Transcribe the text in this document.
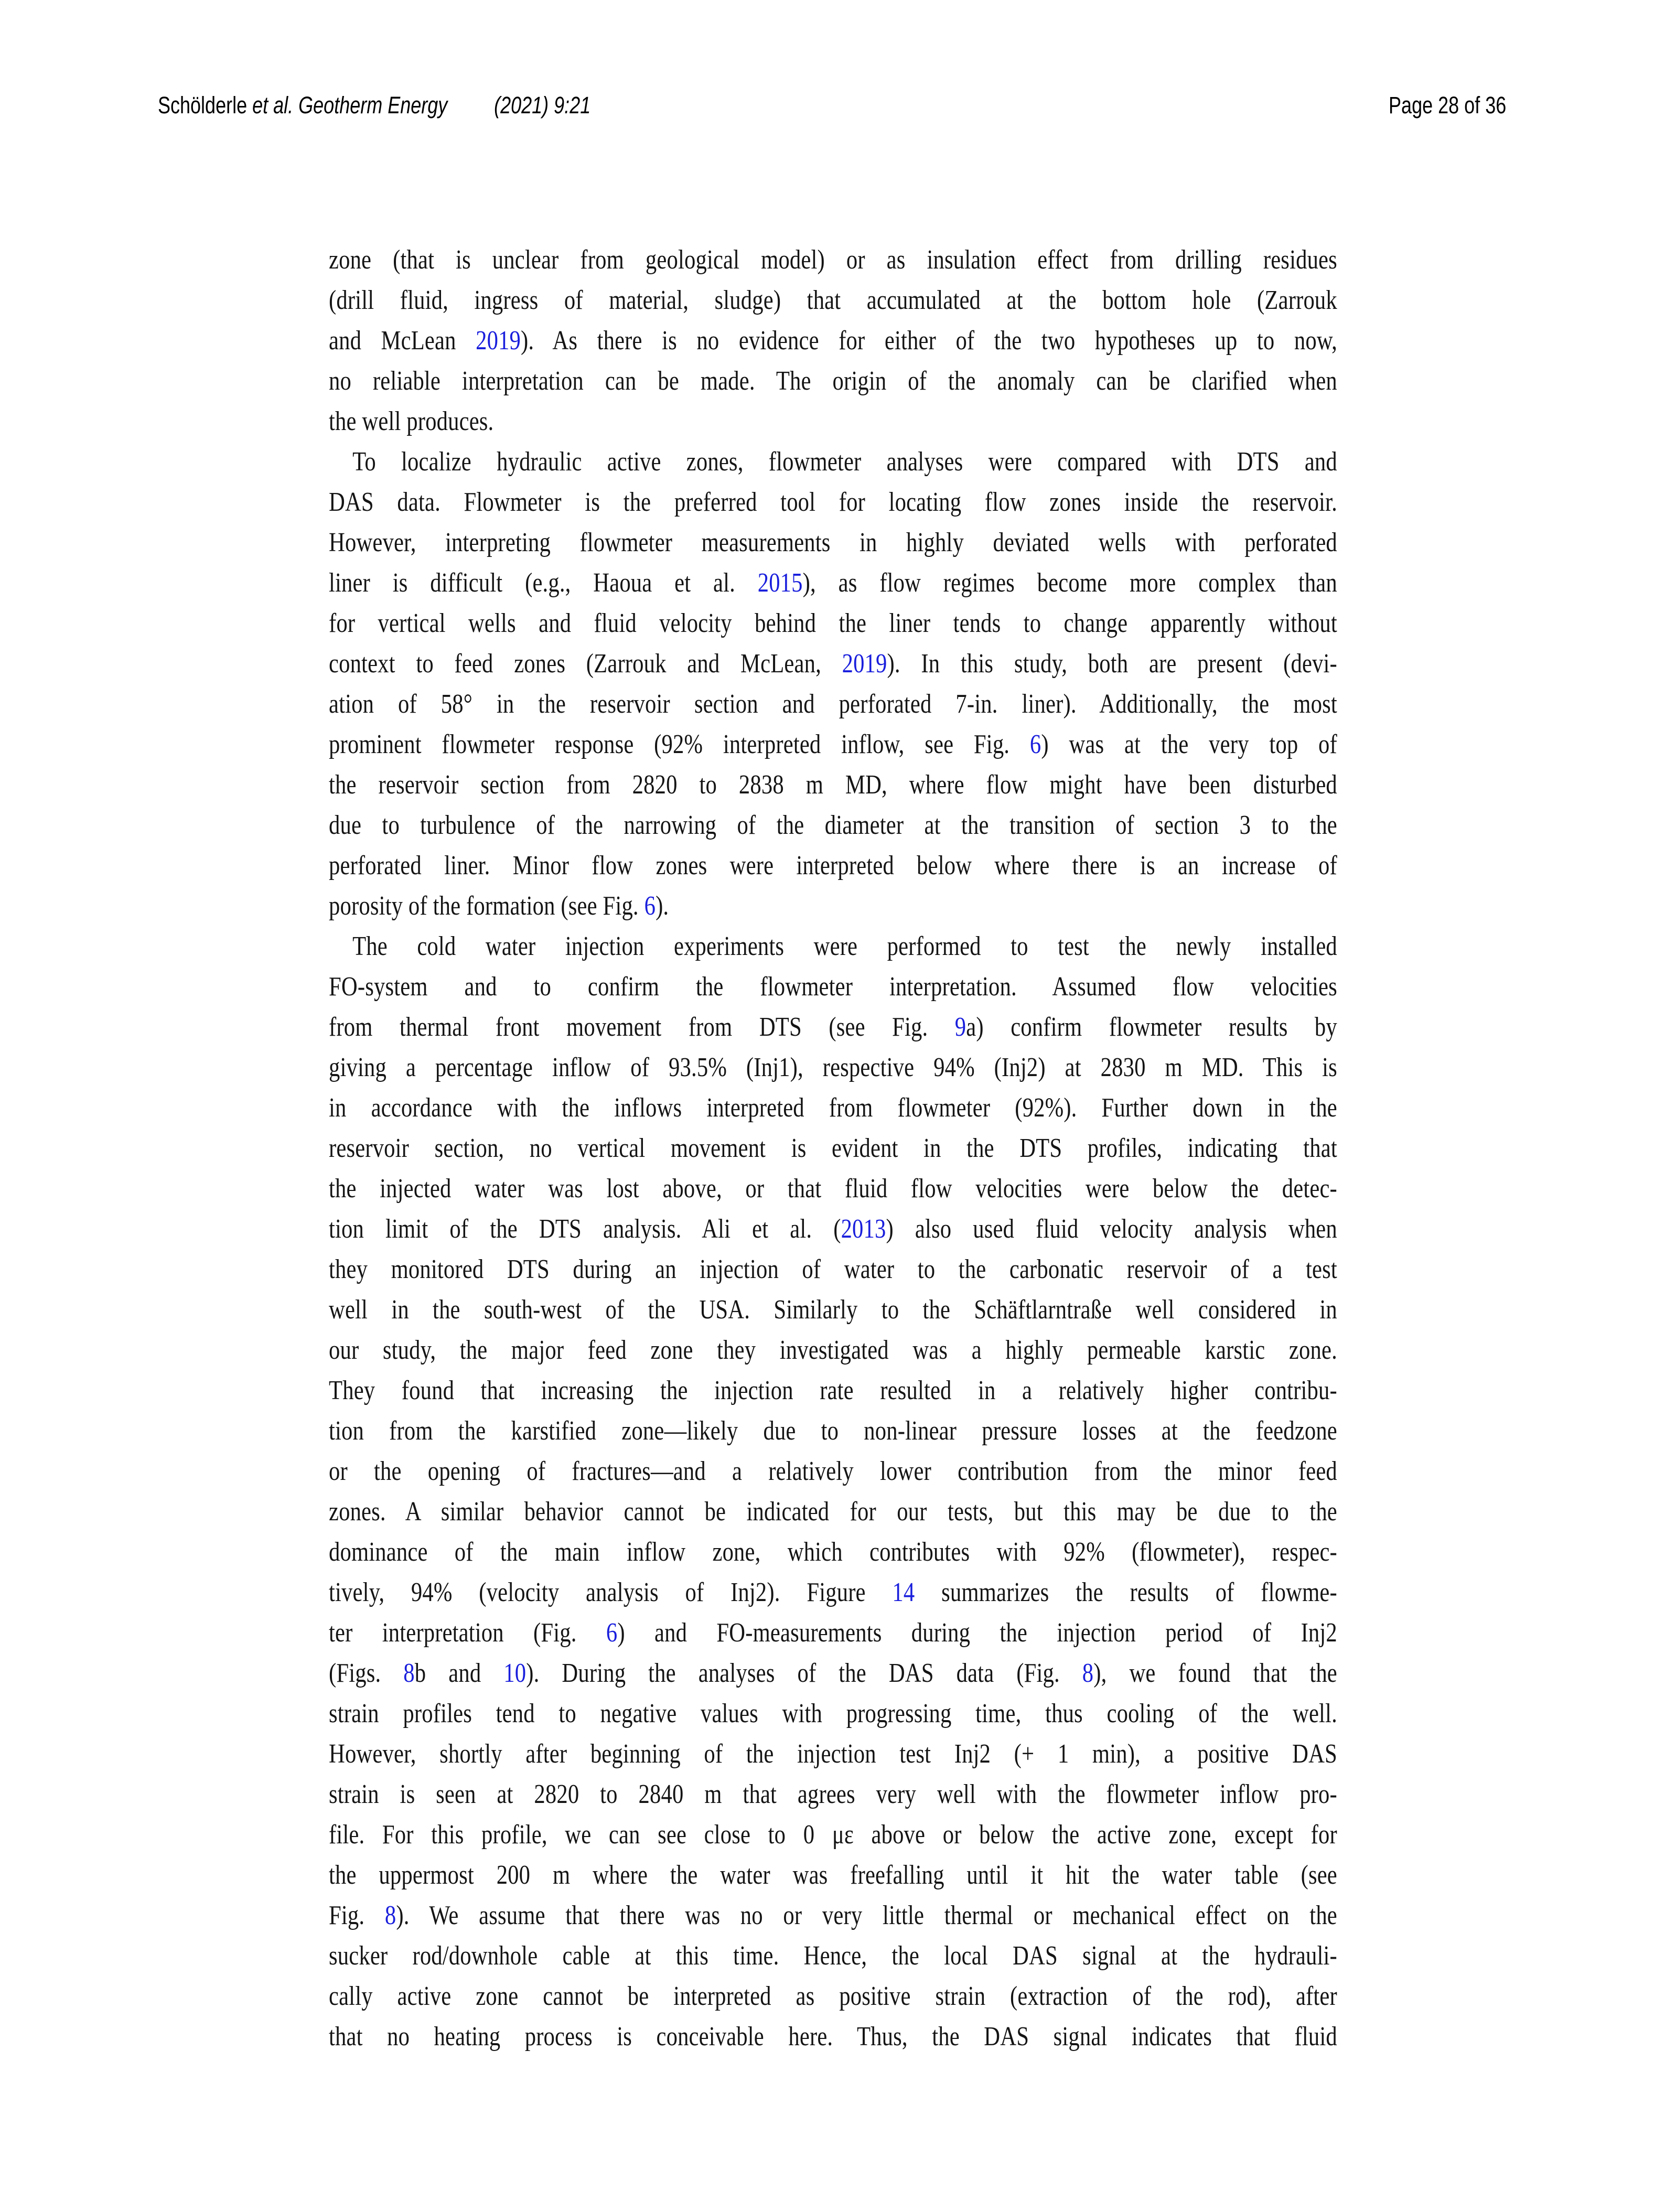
Schölderle et al. Geotherm Energy (2021) 9:21	Page 28 of 36
zone (that is unclear from geological model) or as insulation effect from drilling residues
(drill fluid, ingress of material, sludge) that accumulated at the bottom hole (Zarrouk
and McLean 2019). As there is no evidence for either of the two hypotheses up to now,
no reliable interpretation can be made. The origin of the anomaly can be clarified when
the well produces.
To localize hydraulic active zones, flowmeter analyses were compared with DTS and
DAS data. Flowmeter is the preferred tool for locating flow zones inside the reservoir.
However, interpreting flowmeter measurements in highly deviated wells with perforated
liner is difficult (e.g., Haoua et al. 2015), as flow regimes become more complex than
for vertical wells and fluid velocity behind the liner tends to change apparently without
context to feed zones (Zarrouk and McLean, 2019). In this study, both are present (devi-
ation of 58° in the reservoir section and perforated 7-in. liner). Additionally, the most
prominent flowmeter response (92% interpreted inflow, see Fig. 6) was at the very top of
the reservoir section from 2820 to 2838 m MD, where flow might have been disturbed
due to turbulence of the narrowing of the diameter at the transition of section 3 to the
perforated liner. Minor flow zones were interpreted below where there is an increase of
porosity of the formation (see Fig. 6).
The cold water injection experiments were performed to test the newly installed
FO-system and to confirm the flowmeter interpretation. Assumed flow velocities
from thermal front movement from DTS (see Fig. 9a) confirm flowmeter results by
giving a percentage inflow of 93.5% (Inj1), respective 94% (Inj2) at 2830 m MD. This is
in accordance with the inflows interpreted from flowmeter (92%). Further down in the
reservoir section, no vertical movement is evident in the DTS profiles, indicating that
the injected water was lost above, or that fluid flow velocities were below the detec-
tion limit of the DTS analysis. Ali et al. (2013) also used fluid velocity analysis when
they monitored DTS during an injection of water to the carbonatic reservoir of a test
well in the south-west of the USA. Similarly to the Schäftlarntraße well considered in
our study, the major feed zone they investigated was a highly permeable karstic zone.
They found that increasing the injection rate resulted in a relatively higher contribu-
tion from the karstified zone—likely due to non-linear pressure losses at the feedzone
or the opening of fractures—and a relatively lower contribution from the minor feed
zones. A similar behavior cannot be indicated for our tests, but this may be due to the
dominance of the main inflow zone, which contributes with 92% (flowmeter), respec-
tively, 94% (velocity analysis of Inj2). Figure 14 summarizes the results of flowme-
ter interpretation (Fig. 6) and FO-measurements during the injection period of Inj2
(Figs. 8b and 10). During the analyses of the DAS data (Fig. 8), we found that the
strain profiles tend to negative values with progressing time, thus cooling of the well.
However, shortly after beginning of the injection test Inj2 (+ 1 min), a positive DAS
strain is seen at 2820 to 2840 m that agrees very well with the flowmeter inflow pro-
file. For this profile, we can see close to 0 με above or below the active zone, except for
the uppermost 200 m where the water was freefalling until it hit the water table (see
Fig. 8). We assume that there was no or very little thermal or mechanical effect on the
sucker rod/downhole cable at this time. Hence, the local DAS signal at the hydrauli-
cally active zone cannot be interpreted as positive strain (extraction of the rod), after
that no heating process is conceivable here. Thus, the DAS signal indicates that fluid
